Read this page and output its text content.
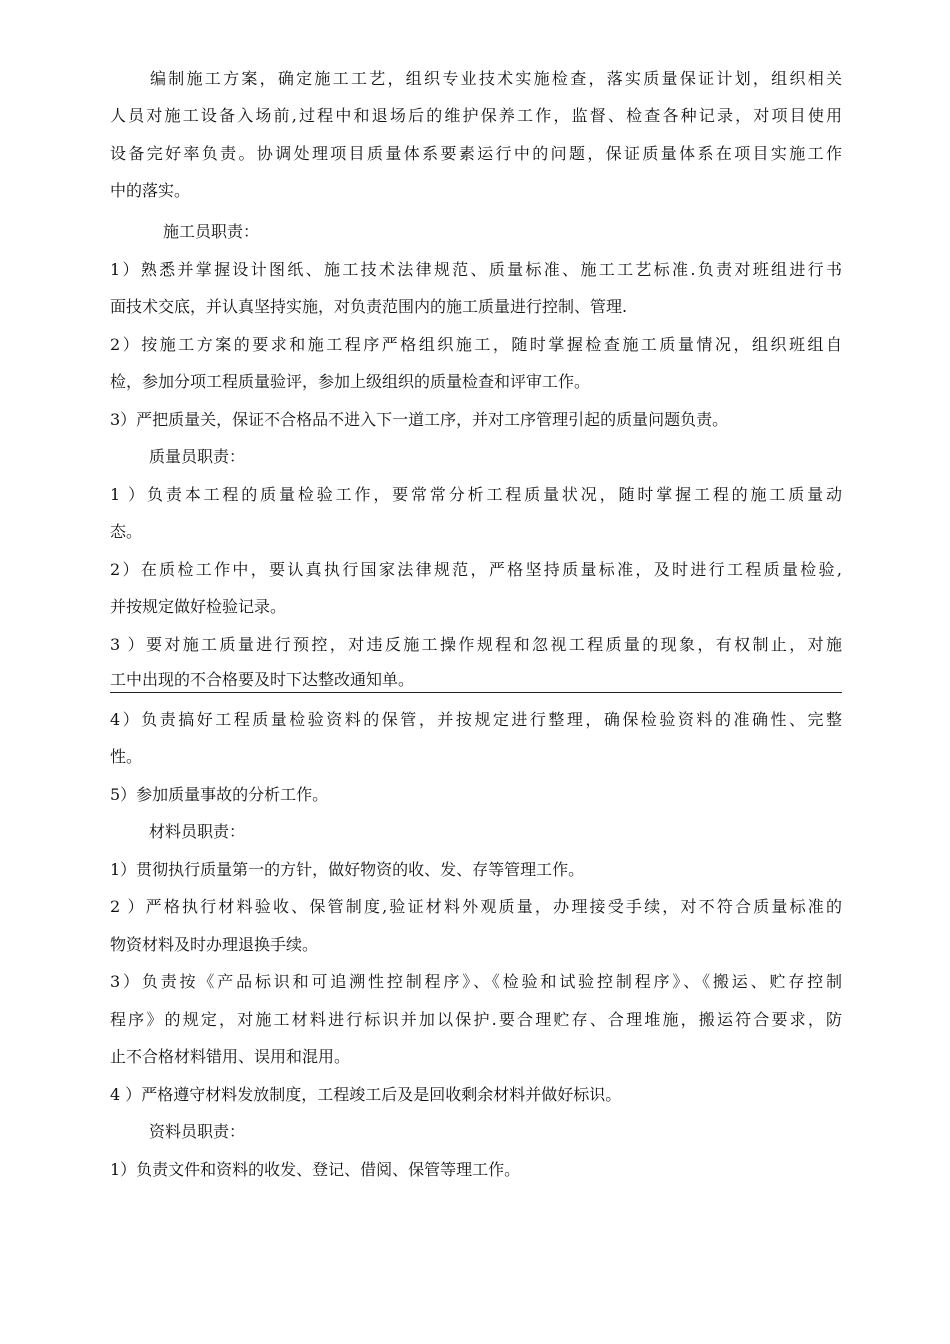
编制施工方案，确定施工工艺，组织专业技术实施检查，落实质量保证计划，组织相关
人员对施工设备入场前,过程中和退场后的维护保养工作，监督、检查各种记录，对项目使用
设备完好率负责。协调处理项目质量体系要素运行中的问题，保证质量体系在项目实施工作
中的落实。
施工员职责：
1）熟悉并掌握设计图纸、施工技术法律规范、质量标准、施工工艺标准.负责对班组进行书
面技术交底，并认真坚持实施，对负责范围内的施工质量进行控制、管理.
2）按施工方案的要求和施工程序严格组织施工，随时掌握检查施工质量情况，组织班组自
检，参加分项工程质量验评，参加上级组织的质量检查和评审工作。
3）严把质量关，保证不合格品不进入下一道工序，并对工序管理引起的质量问题负责。
质量员职责：
1 ）负责本工程的质量检验工作，要常常分析工程质量状况，随时掌握工程的施工质量动
态。
2）在质检工作中，要认真执行国家法律规范，严格坚持质量标准，及时进行工程质量检验,
并按规定做好检验记录。
3 ）要对施工质量进行预控，对违反施工操作规程和忽视工程质量的现象，有权制止，对施
工中出现的不合格要及时下达整改通知单。
4）负责搞好工程质量检验资料的保管，并按规定进行整理，确保检验资料的准确性、完整
性。
5）参加质量事故的分析工作。
材料员职责：
1）贯彻执行质量第一的方针，做好物资的收、发、存等管理工作。
2 ）严格执行材料验收、保管制度,验证材料外观质量，办理接受手续，对不符合质量标准的
物资材料及时办理退换手续。
3）负责按《产品标识和可追溯性控制程序》、《检验和试验控制程序》、《搬运、贮存控制
程序》的规定，对施工材料进行标识并加以保护.要合理贮存、合理堆施，搬运符合要求，防
止不合格材料错用、误用和混用。
4 ）严格遵守材料发放制度，工程竣工后及是回收剩余材料并做好标识。
资料员职责：
1）负责文件和资料的收发、登记、借阅、保管等理工作。
